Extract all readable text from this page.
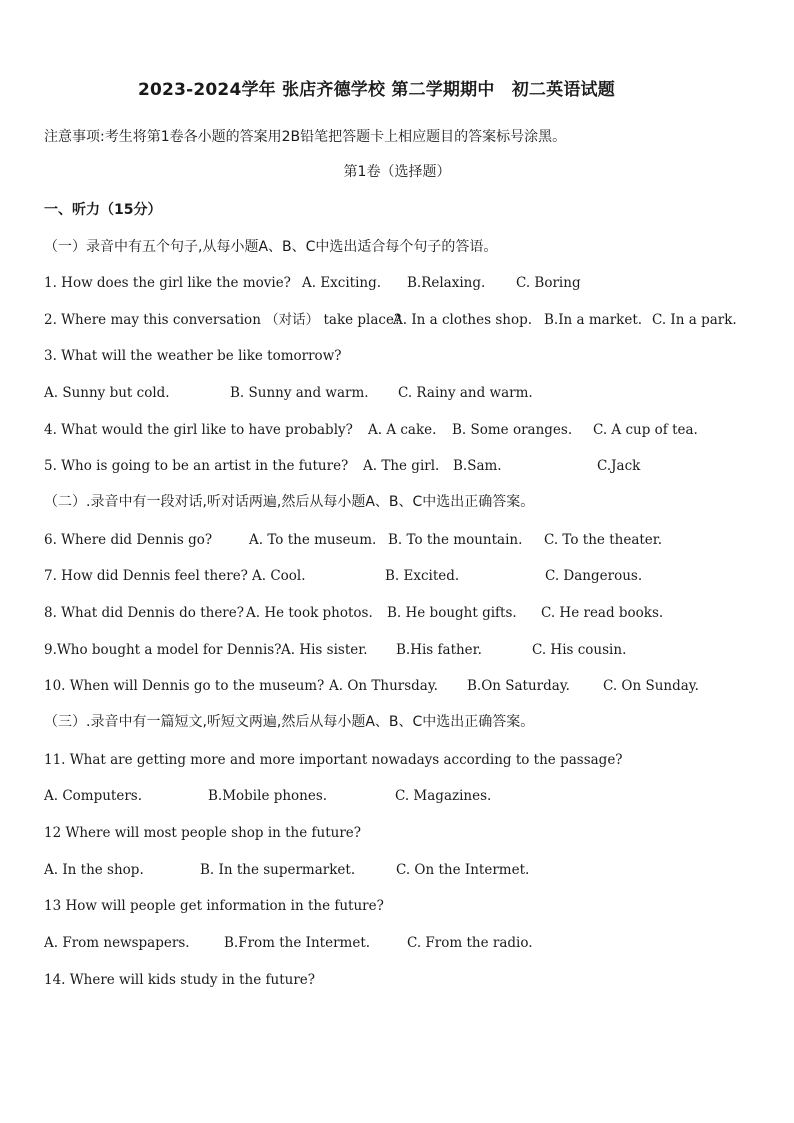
2023-2024学年 张店齐德学校 第二学期期中　初二英语试题
注意事项:考生将第1卷各小题的答案用2B铅笔把答题卡上相应题目的答案标号涂黑。
第1卷（选择题）
一、听力（15分）
（一）录音中有五个句子,从每小题A、B、C中选出适合每个句子的答语。
1. How does the girl like the movie? A. Exciting. B.Relaxing. C. Boring
2. Where may this conversation （对话） take place?
A. In a clothes shop. B.In a market. C. In a park.
3. What will the weather be like tomorrow?
A. Sunny but cold.	B. Sunny and warm. C. Rainy and warm.
4. What would the girl like to have probably? A. A cake. B. Some oranges. C. A cup of tea.
5. Who is going to be an artist in the future? A. The girl. B.Sam.	C.Jack
（二）.录音中有一段对话,听对话两遍,然后从每小题A、B、C中选出正确答案。
6. Where did Dennis go?	A. To the museum. B. To the mountain. C. To the theater.
7. How did Dennis feel there? A. Cool.	B. Excited.	C. Dangerous.
8. What did Dennis do there? A. He took photos. B. He bought gifts. C. He read books.
9.Who bought a model for Dennis? A. His sister. B.His father.	C. His cousin.
10. When will Dennis go to the museum? A. On Thursday. B.On Saturday. C. On Sunday.
（三）.录音中有一篇短文,听短文两遍,然后从每小题A、B、C中选出正确答案。
11. What are getting more and more important nowadays according to the passage?
A. Computers.	B.Mobile phones.	C. Magazines.
12 Where will most people shop in the future?
A. In the shop.	B. In the supermarket.	C. On the Intermet.
13 How will people get information in the future?
A. From newspapers.	B.From the Intermet.	C. From the radio.
14. Where will kids study in the future?
